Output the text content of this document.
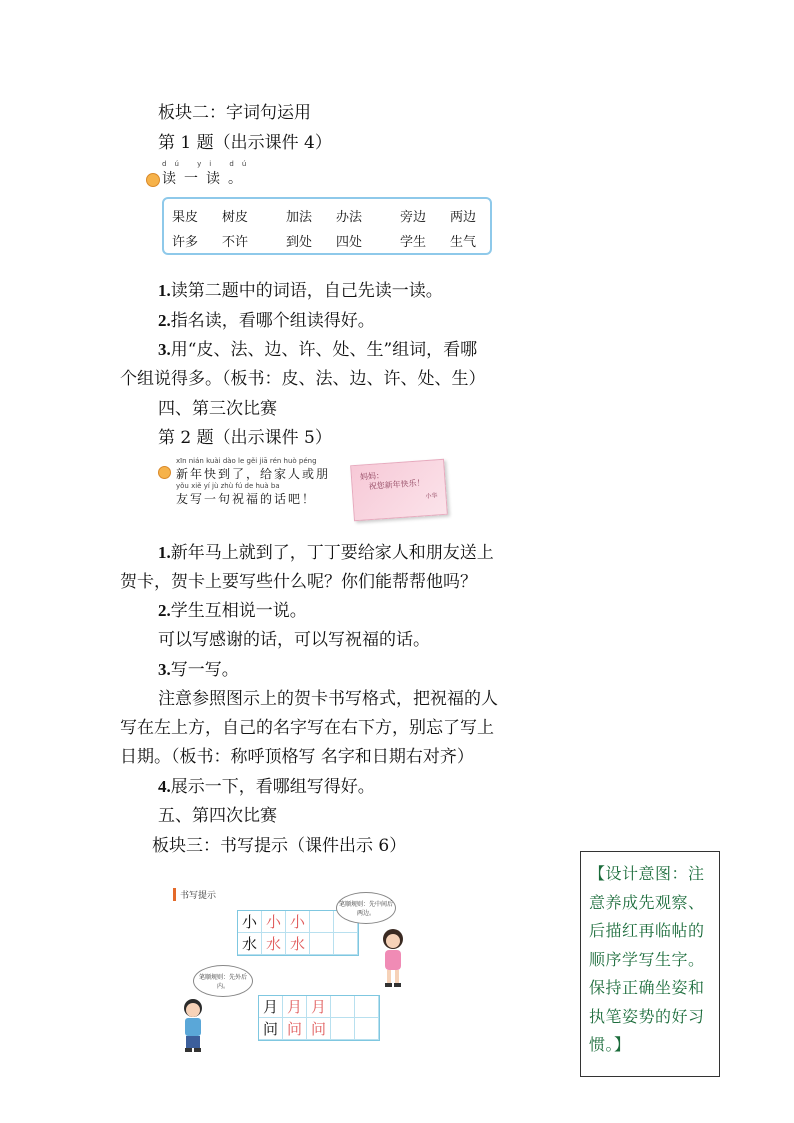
板块二：字词句运用
第 1 题（出示课件 4）
dú yi dú
读一读。
果皮 树皮	加法 办法	旁边 两边
许多 不许	到处 四处	学生 生气
1.读第二题中的词语，自己先读一读。
2.指名读，看哪个组读得好。
3.用“皮、法、边、许、处、生”组词，看哪
个组说得多。（板书：皮、法、边、许、处、生）
四、第三次比赛
第 2 题（出示课件 5）
xīn nián kuài dào le gěi jiā rén huò péng
新年快到了，给家人或朋
yǒu xiě yí jù zhù fú de huà ba
友写一句祝福的话吧！
妈妈：
祝您新年快乐！
小华
1.新年马上就到了，丁丁要给家人和朋友送上
贺卡，贺卡上要写些什么呢？你们能帮帮他吗？
2.学生互相说一说。
可以写感谢的话，可以写祝福的话。
3.写一写。
注意参照图示上的贺卡书写格式，把祝福的人
写在左上方，自己的名字写在右下方，别忘了写上
日期。（板书：称呼顶格写 名字和日期右对齐）
4.展示一下，看哪组写得好。
五、第四次比赛
板块三：书写提示（课件出示 6）
【设计意图：注意养成先观察、后描红再临帖的顺序学写生字。保持正确坐姿和执笔姿势的好习惯。】
书写提示
小 小 小
水 水 水
月 月 月
问 问 问
笔顺规则：先中间后两边。
笔顺规则：先外后内。
